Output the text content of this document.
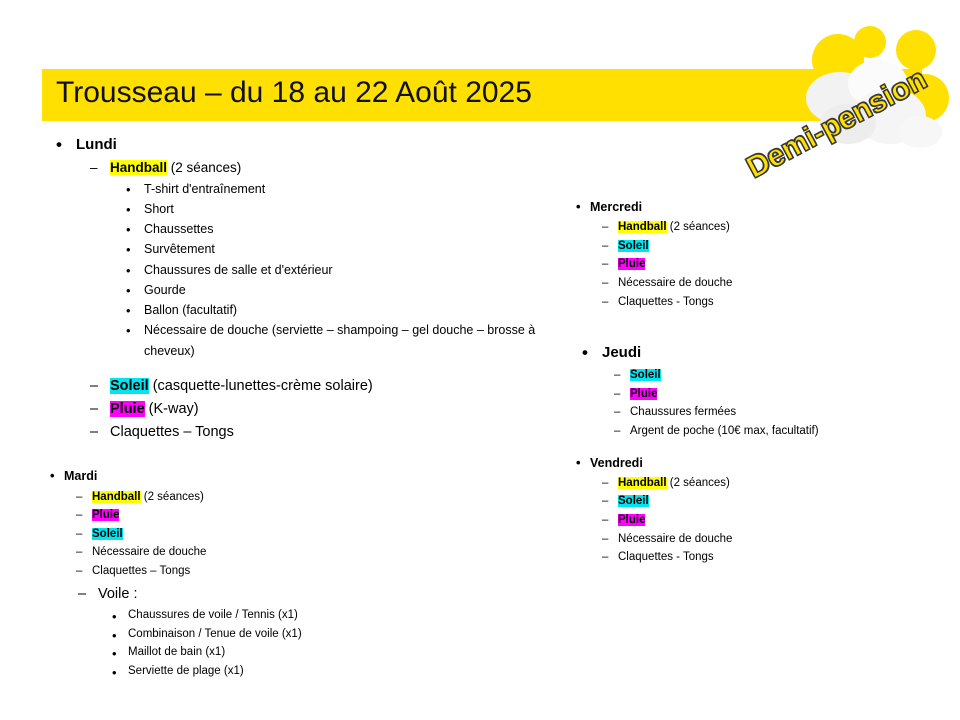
Trousseau – du 18 au 22 Août 2025	Demi-pension
• Lundi
– Handball (2 séances)
• T-shirt d'entraînement
• Short
• Chaussettes
• Survêtement
• Chaussures de salle et d'extérieur
• Gourde
• Ballon (facultatif)
• Nécessaire de douche (serviette – shampoing – gel douche – brosse à cheveux)
– Soleil (casquette-lunettes-crème solaire)
– Pluie (K-way)
– Claquettes – Tongs
• Mardi
– Handball (2 séances)
– Pluie
– Soleil
– Nécessaire de douche
– Claquettes – Tongs
– Voile :
• Chaussures de voile / Tennis (x1)
• Combinaison / Tenue de voile (x1)
• Maillot de bain (x1)
• Serviette de plage (x1)
• Mercredi
– Handball (2 séances)
– Soleil
– Pluie
– Nécessaire de douche
– Claquettes - Tongs
• Jeudi
– Soleil
– Pluie
– Chaussures fermées
– Argent de poche (10€ max, facultatif)
• Vendredi
– Handball (2 séances)
– Soleil
– Pluie
– Nécessaire de douche
– Claquettes - Tongs
